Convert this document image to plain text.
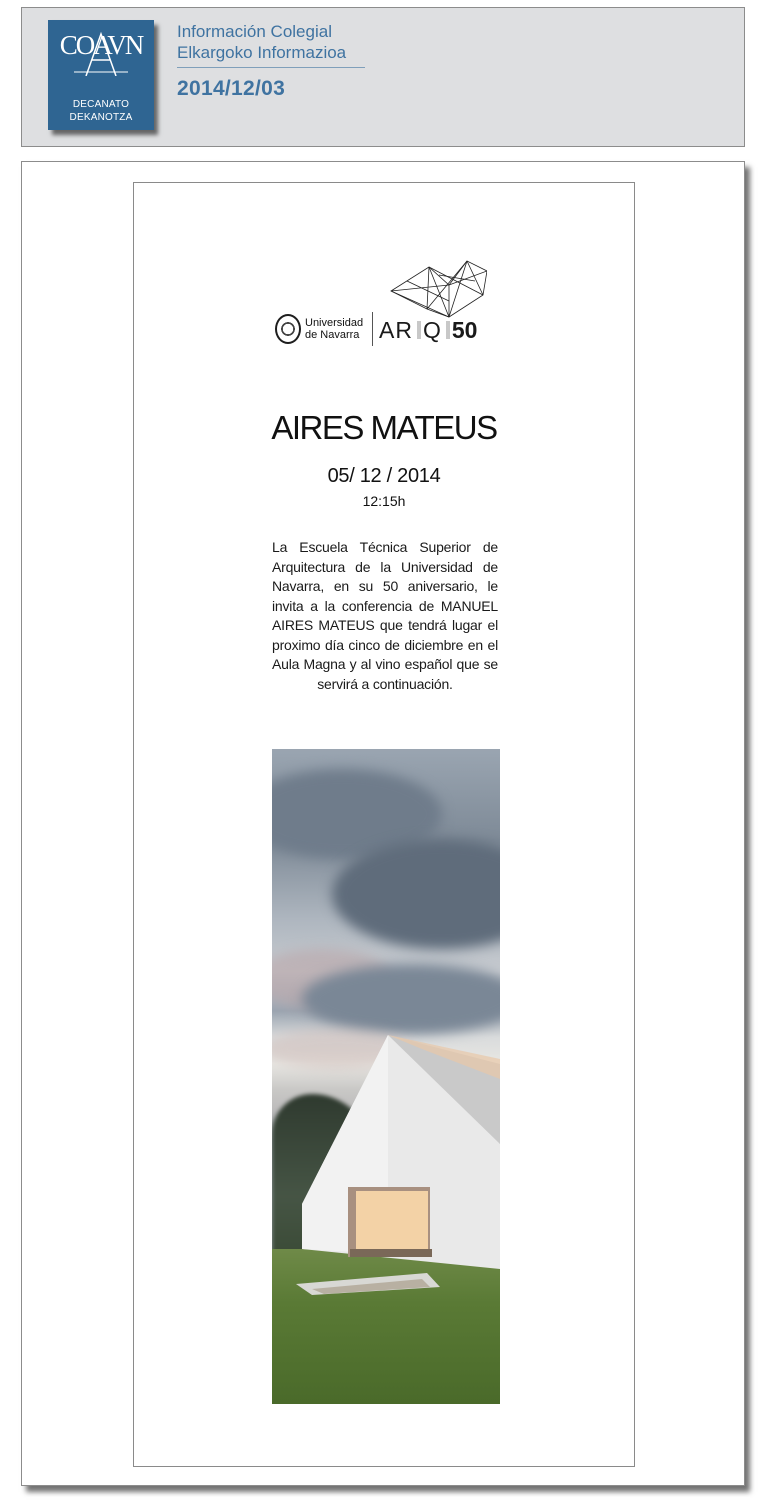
COAVN
DECANATO
DEKANOTZA
Información Colegial
Elkargoko Informazioa
2014/12/03
Universidad
de Navarra AR Q 50
AIRES MATEUS
05/ 12 / 2014
12:15h
La Escuela Técnica Superior de Arquitectura de la Universidad de Navarra, en su 50 aniversario, le invita a la conferencia de MANUEL AIRES MATEUS que tendrá lugar el proximo día cinco de diciembre en el Aula Magna y al vino español que se servirá a continuación.
